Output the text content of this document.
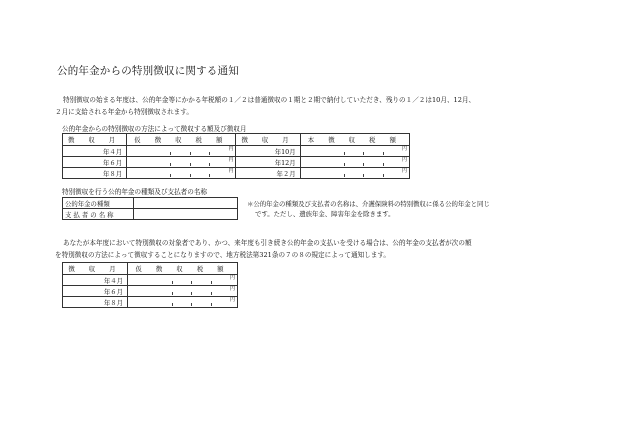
公的年金からの特別徴収に関する通知
特別徴収の始まる年度は、公的年金等にかかる年税額の１／２は普通徴収の１期と２期で納付していただき、残りの１／２は10月、12月、
２月に支給される年金から特別徴収されます。
公的年金からの特別徴収の方法によって徴収する額及び徴収月
徴 収 月	仮 徴 収 税 額	徴 収 月	本 徴 収 税 額
年４月	円	年10月	円

年６月	円	年12月	円

年８月	円	年２月	円
特別徴収を行う公的年金の種類及び支払者の名称
公的年金の種類	
支 払 者 の 名 称	
＊公的年金の種類及び支払者の名称は、介護保険料の特別徴収に係る公的年金と同じ
です。ただし、遺族年金、障害年金を除きます。
あなたが本年度において特別徴収の対象者であり、かつ、来年度も引き続き公的年金の支払いを受ける場合は、公的年金の支払者が次の額
を特別徴収の方法によって徴収することになりますので、地方税法第321条の７の８の規定によって通知します。
徴 収 月	仮 徴 収 税 額
年４月	円

年６月	円

年８月	円
